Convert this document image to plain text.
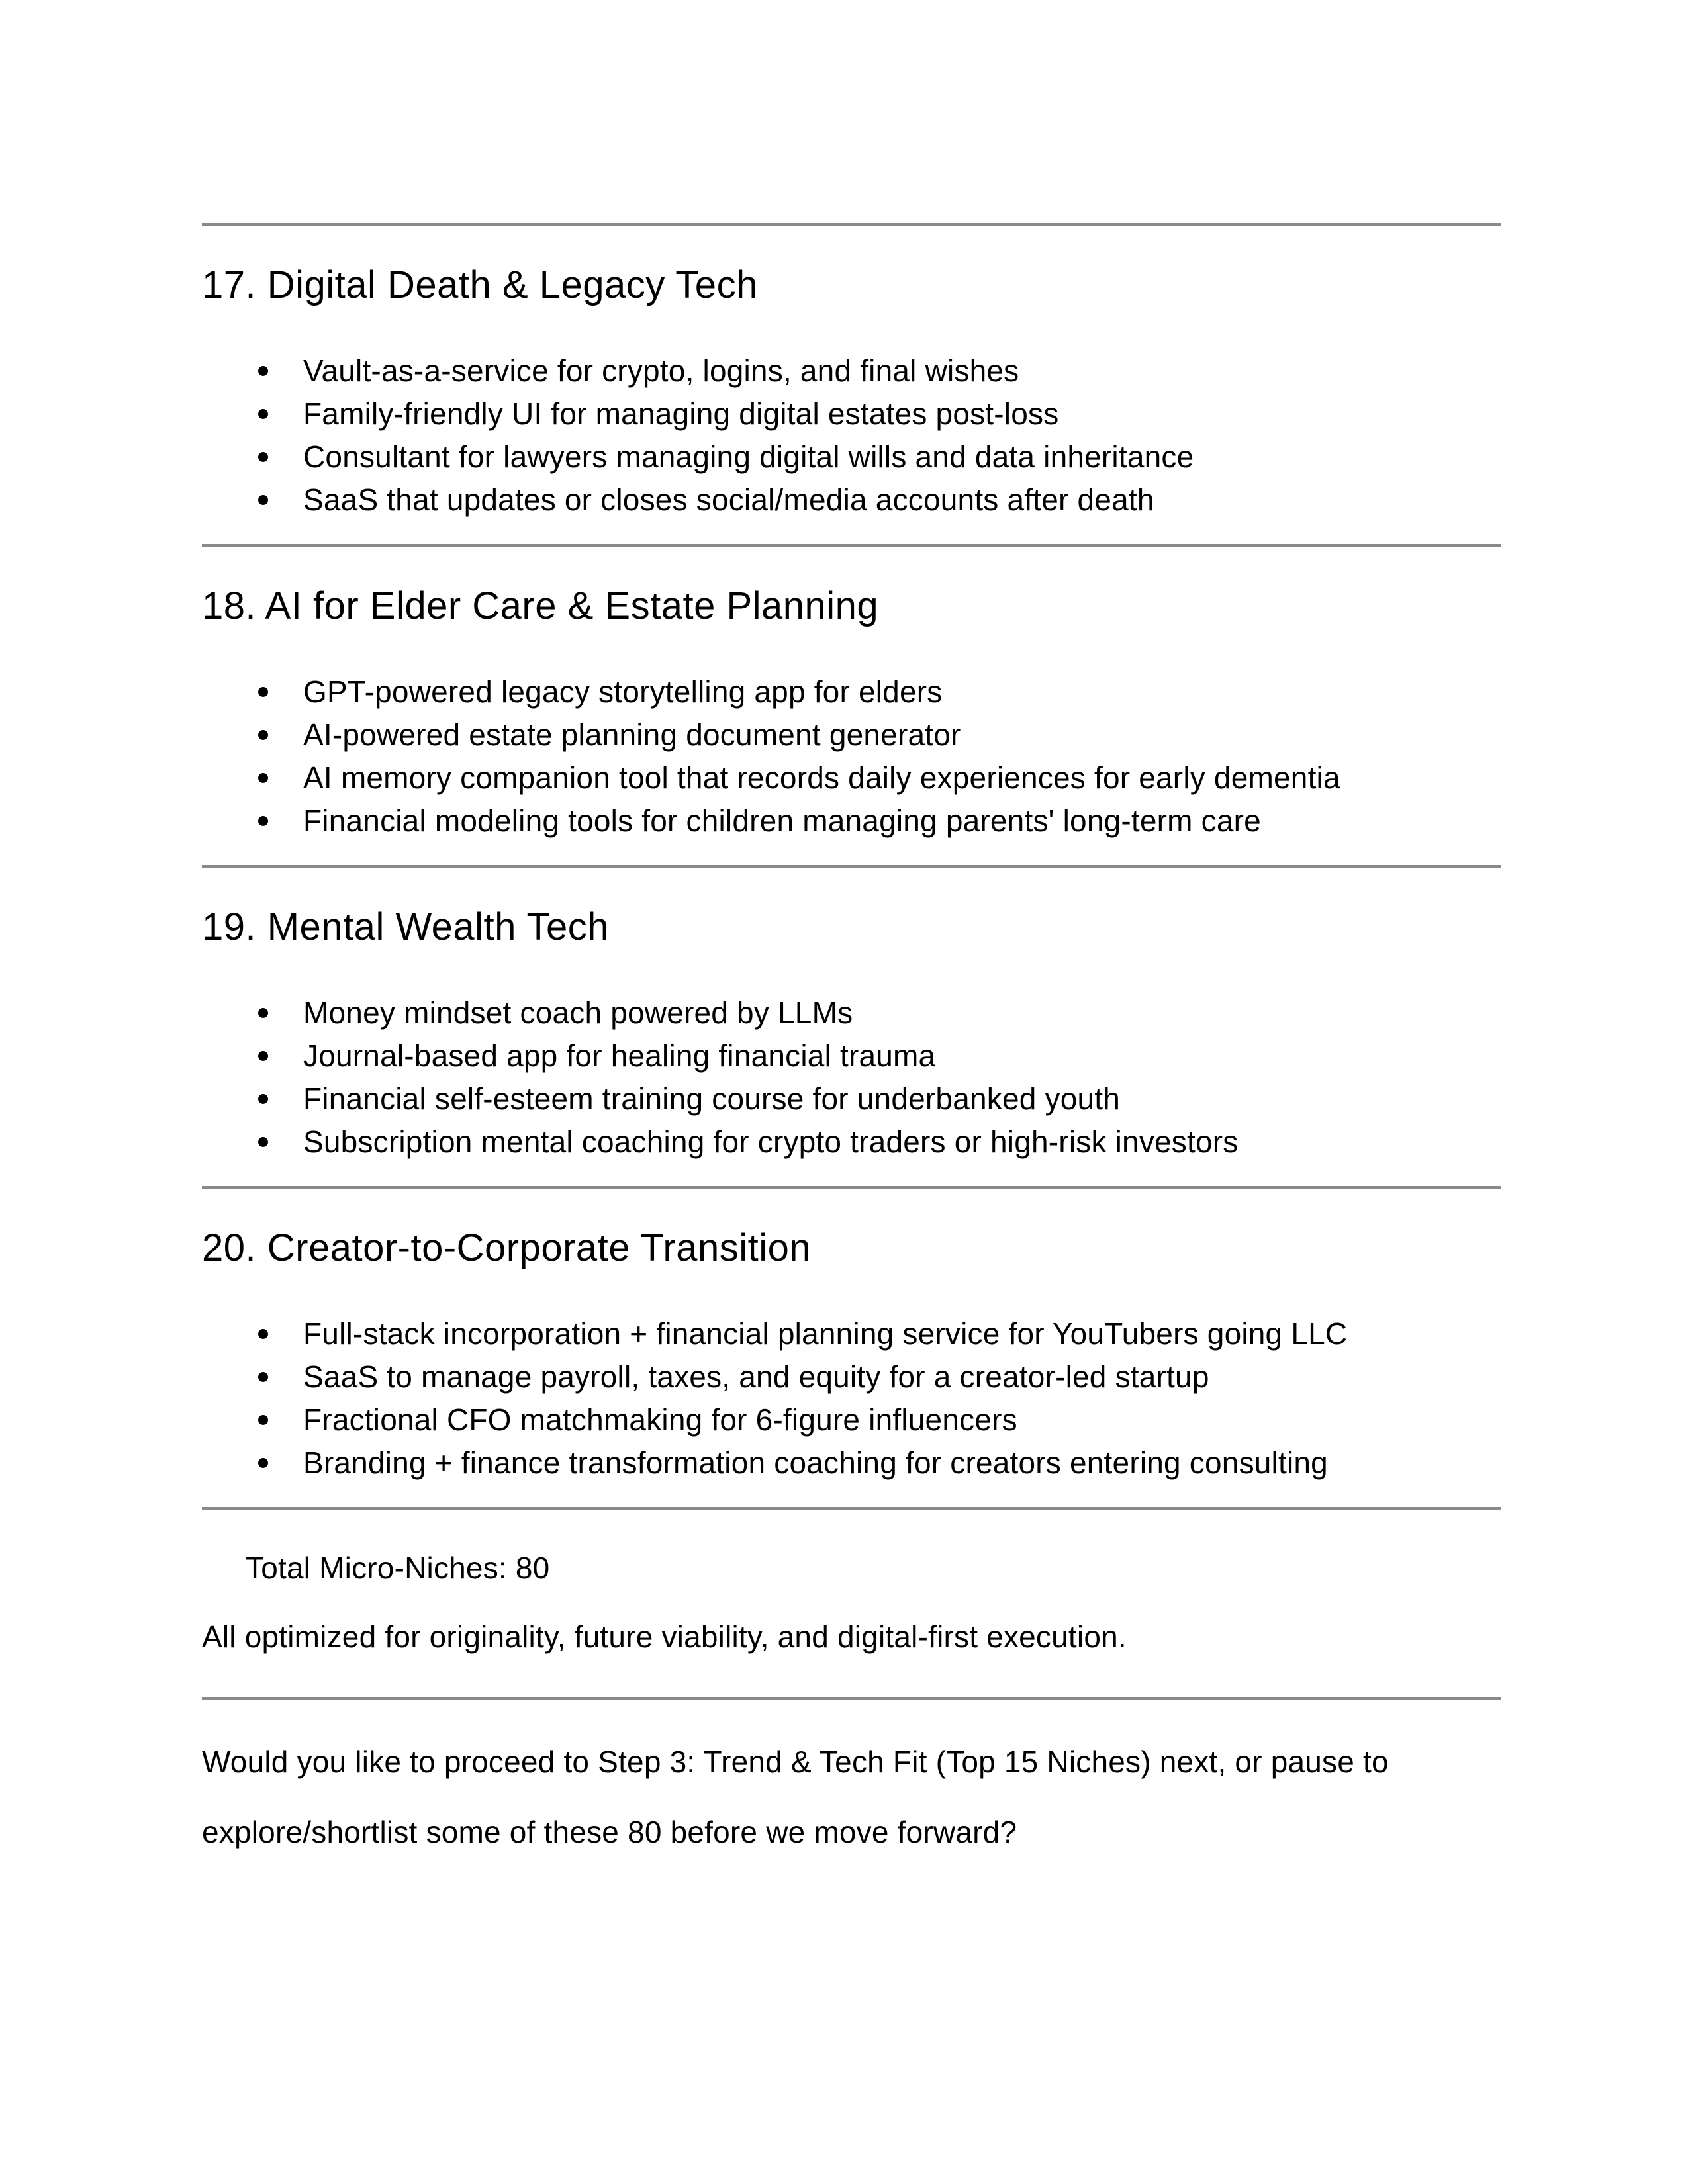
17. Digital Death & Legacy Tech
Vault-as-a-service for crypto, logins, and final wishes
Family-friendly UI for managing digital estates post-loss
Consultant for lawyers managing digital wills and data inheritance
SaaS that updates or closes social/media accounts after death
18. AI for Elder Care & Estate Planning
GPT-powered legacy storytelling app for elders
AI-powered estate planning document generator
AI memory companion tool that records daily experiences for early dementia
Financial modeling tools for children managing parents' long-term care
19. Mental Wealth Tech
Money mindset coach powered by LLMs
Journal-based app for healing financial trauma
Financial self-esteem training course for underbanked youth
Subscription mental coaching for crypto traders or high-risk investors
20. Creator-to-Corporate Transition
Full-stack incorporation + financial planning service for YouTubers going LLC
SaaS to manage payroll, taxes, and equity for a creator-led startup
Fractional CFO matchmaking for 6-figure influencers
Branding + finance transformation coaching for creators entering consulting

Total Micro-Niches: 80

All optimized for originality, future viability, and digital-first execution.

Would you like to proceed to Step 3: Trend & Tech Fit (Top 15 Niches) next, or pause to explore/shortlist some of these 80 before we move forward?
